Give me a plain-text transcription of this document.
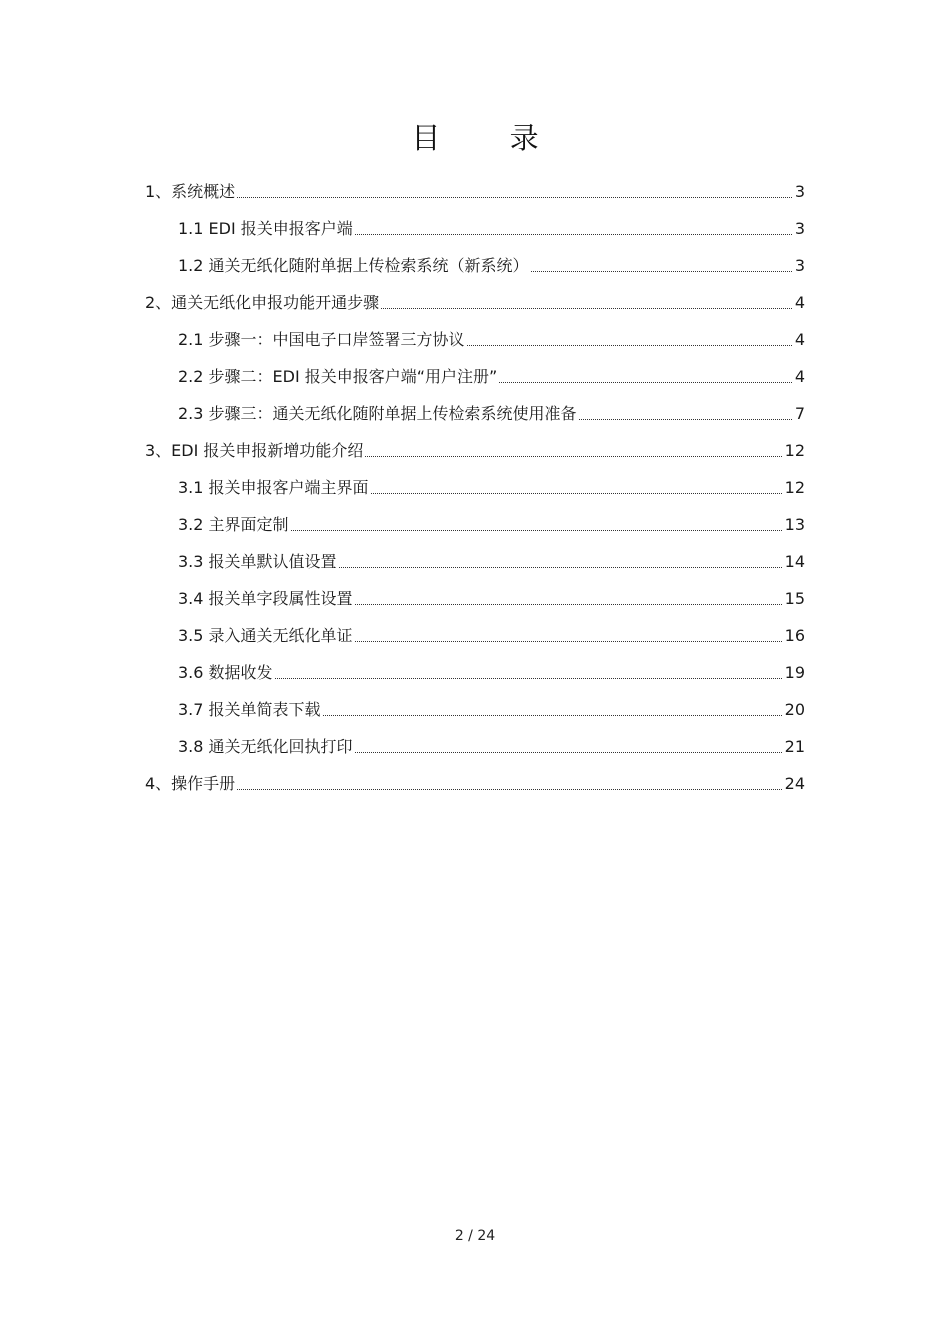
目 录
1、系统概述	3
1.1 EDI 报关申报客户端	3
1.2 通关无纸化随附单据上传检索系统（新系统）	3
2、通关无纸化申报功能开通步骤	4
2.1 步骤一：中国电子口岸签署三方协议	4
2.2 步骤二：EDI 报关申报客户端“用户注册”	4
2.3 步骤三：通关无纸化随附单据上传检索系统使用准备	7
3、EDI 报关申报新增功能介绍	12
3.1 报关申报客户端主界面	12
3.2 主界面定制	13
3.3 报关单默认值设置	14
3.4 报关单字段属性设置	15
3.5 录入通关无纸化单证	16
3.6 数据收发	19
3.7 报关单简表下载	20
3.8 通关无纸化回执打印	21
4、操作手册	24
2 / 24
